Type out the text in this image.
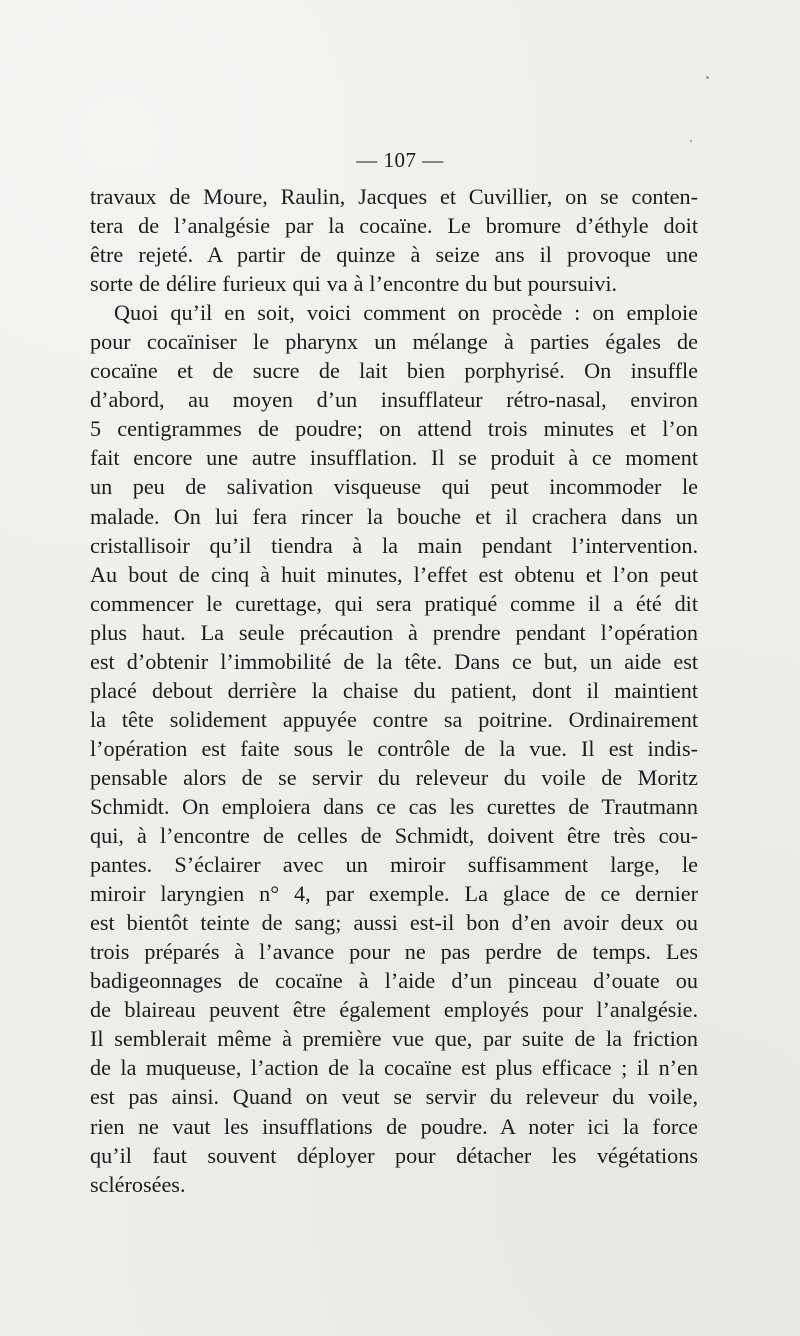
— 107 —
travaux de Moure, Raulin, Jacques et Cuvillier, on se conten-
tera de l’analgésie par la cocaïne. Le bromure d’éthyle doit
être rejeté. A partir de quinze à seize ans il provoque une
sorte de délire furieux qui va à l’encontre du but poursuivi.
Quoi qu’il en soit, voici comment on procède : on emploie
pour cocaïniser le pharynx un mélange à parties égales de
cocaïne et de sucre de lait bien porphyrisé. On insuffle
d’abord, au moyen d’un insufflateur rétro-nasal, environ
5 centigrammes de poudre; on attend trois minutes et l’on
fait encore une autre insufflation. Il se produit à ce moment
un peu de salivation visqueuse qui peut incommoder le
malade. On lui fera rincer la bouche et il crachera dans un
cristallisoir qu’il tiendra à la main pendant l’intervention.
Au bout de cinq à huit minutes, l’effet est obtenu et l’on peut
commencer le curettage, qui sera pratiqué comme il a été dit
plus haut. La seule précaution à prendre pendant l’opération
est d’obtenir l’immobilité de la tête. Dans ce but, un aide est
placé debout derrière la chaise du patient, dont il maintient
la tête solidement appuyée contre sa poitrine. Ordinairement
l’opération est faite sous le contrôle de la vue. Il est indis-
pensable alors de se servir du releveur du voile de Moritz
Schmidt. On emploiera dans ce cas les curettes de Trautmann
qui, à l’encontre de celles de Schmidt, doivent être très cou-
pantes. S’éclairer avec un miroir suffisamment large, le
miroir laryngien n° 4, par exemple. La glace de ce dernier
est bientôt teinte de sang; aussi est-il bon d’en avoir deux ou
trois préparés à l’avance pour ne pas perdre de temps. Les
badigeonnages de cocaïne à l’aide d’un pinceau d’ouate ou
de blaireau peuvent être également employés pour l’analgésie.
Il semblerait même à première vue que, par suite de la friction
de la muqueuse, l’action de la cocaïne est plus efficace ; il n’en
est pas ainsi. Quand on veut se servir du releveur du voile,
rien ne vaut les insufflations de poudre. A noter ici la force
qu’il faut souvent déployer pour détacher les végétations
sclérosées.
